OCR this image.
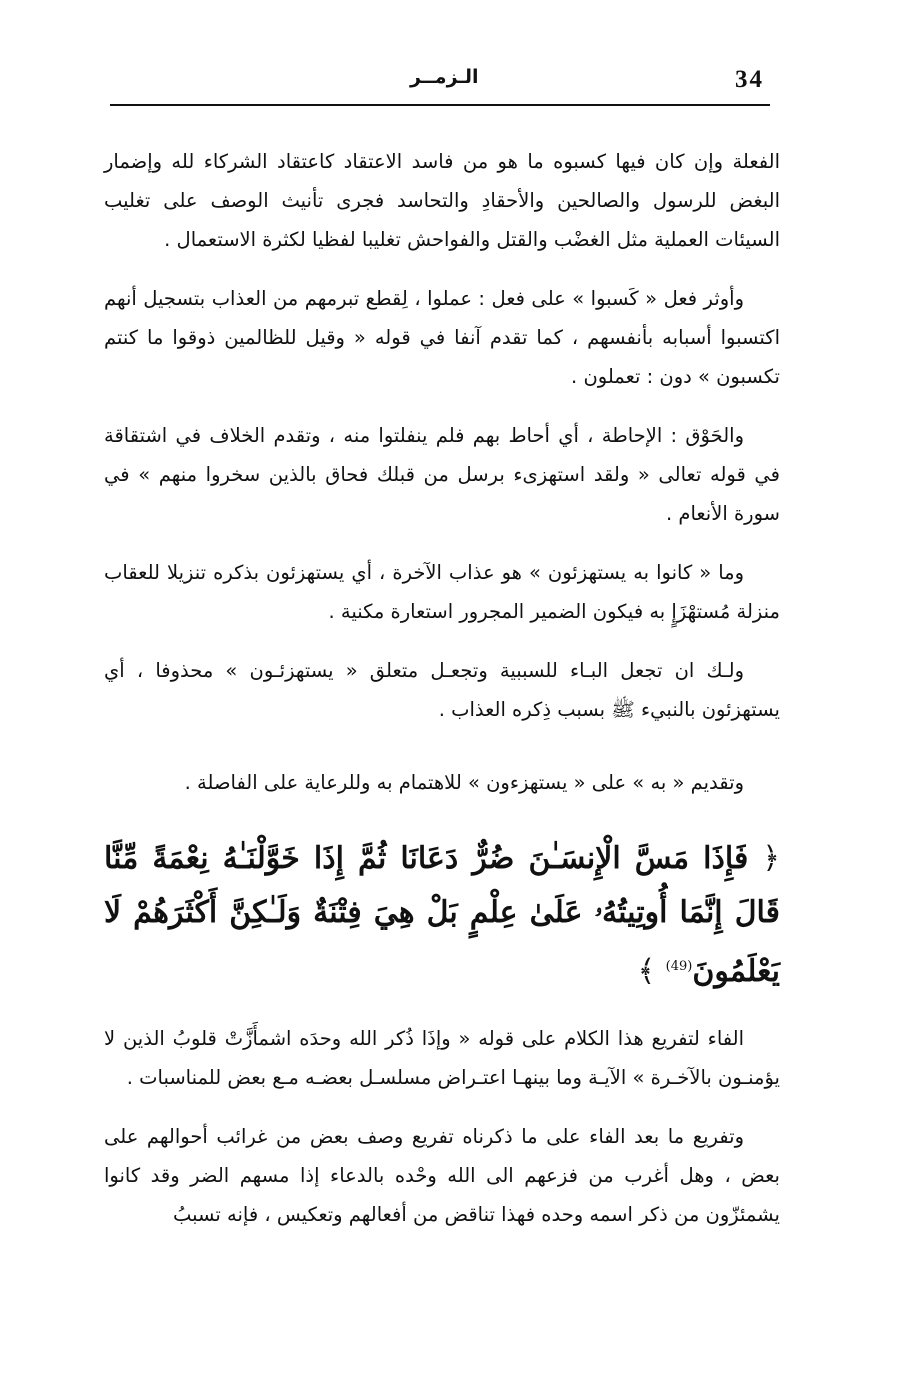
34
الـزمــر

الفعلة وإن كان فيها كسبوه ما هو من فاسد الاعتقاد كاعتقاد الشركاء لله وإضمار البغض للرسول والصالحين والأحقادِ والتحاسد فجرى تأنيث الوصف على تغليب السيئات العملية مثل الغضْب والقتل والفواحش تغليبا لفظيا لكثرة الاستعمال .

وأوثر فعل « كَسبوا » على فعل : عملوا ، لِقطع تبرمهم من العذاب بتسجيل أنهم اكتسبوا أسبابه بأنفسهم ، كما تقدم آنفا في قوله « وقيل للظالمين ذوقوا ما كنتم تكسبون » دون : تعملون .

والحَوْق : الإحاطة ، أي أحاط بهم فلم ينفلتوا منه ، وتقدم الخلاف في اشتقاقة في قوله تعالى « ولقد استهزىء برسل من قبلك فحاق بالذين سخروا منهم » في سورة الأنعام .

وما « كانوا به يستهزئون » هو عذاب الآخرة ، أي يستهزئون بذكره تنزيلا للعقاب منزلة مُستهْزَإٍ به فيكون الضمير المجرور استعارة مكنية .

ولـك ان تجعل البـاء للسببية وتجعـل متعلق « يستهزئـون » محذوفا ، أي يستهزئون بالنبيء ﷺ بسبب ذِكره العذاب .

وتقديم « به » على « يستهزءون » للاهتمام به وللرعاية على الفاصلة .

﴿ فَإِذَا مَسَّ الْإِنسَـٰنَ ضُرٌّ دَعَانَا ثُمَّ إِذَا خَوَّلْنَـٰهُ نِعْمَةً مِّنَّا قَالَ إِنَّمَا أُوتِيتُهُۥ عَلَىٰ عِلْمٍ بَلْ هِيَ فِتْنَةٌ وَلَـٰكِنَّ أَكْثَرَهُمْ لَا يَعْلَمُونَ$^{(49)}$ ﴾

الفاء لتفريع هذا الكلام على قوله « وإذَا ذُكر الله وحدَه اشمأَزَّتْ قلوبُ الذين لا يؤمنـون بالآخـرة » الآيـة وما بينهـا اعتـراض مسلسـل بعضـه مـع بعض للمناسبات .

وتفريع ما بعد الفاء على ما ذكرناه تفريع وصف بعض من غرائب أحوالهم على بعض ، وهل أغرب من فزعهم الى الله وحْده بالدعاء إذا مسهم الضر وقد كانوا يشمئزّون من ذكر اسمه وحده فهذا تناقض من أفعالهم وتعكيس ، فإنه تسببُ
